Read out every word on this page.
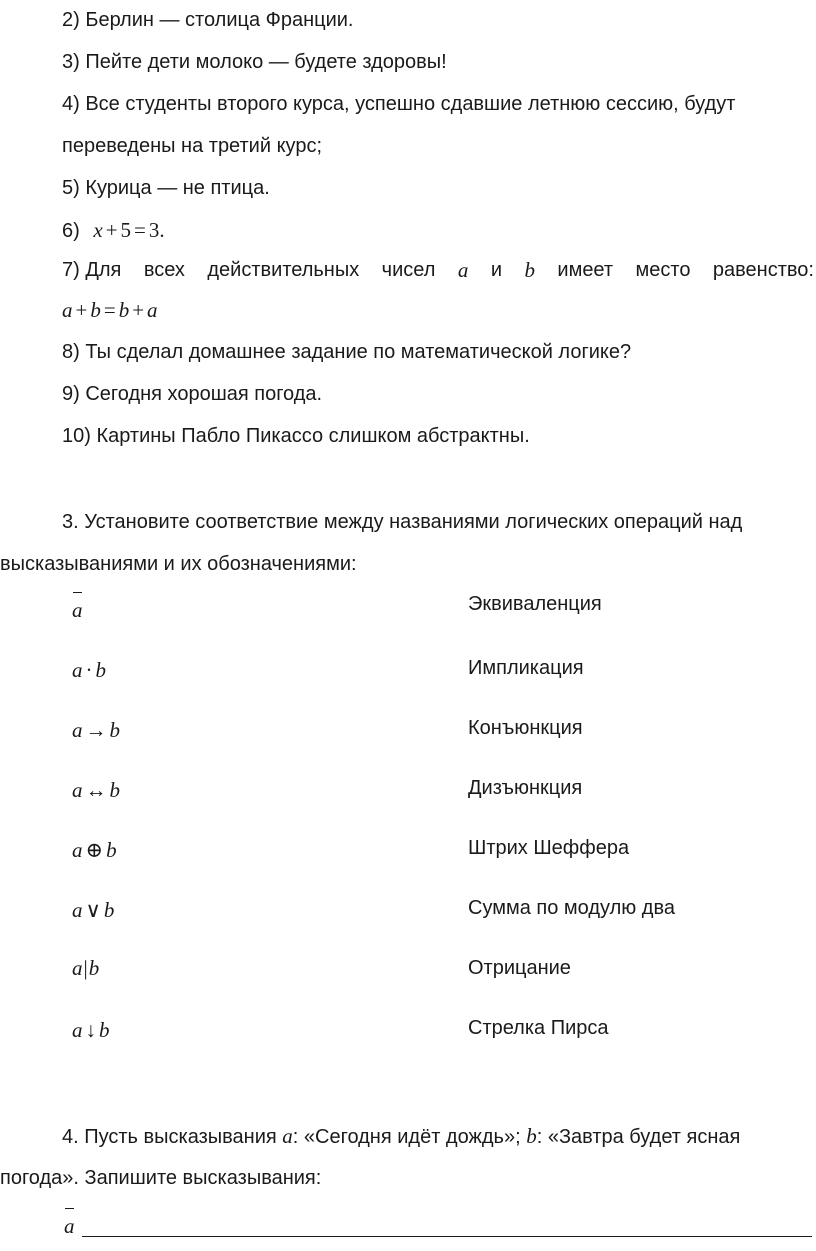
2) Берлин — столица Франции.
3) Пейте дети молоко — будете здоровы!
4) Все студенты второго курса, успешно сдавшие летнюю сессию, будут
переведены на третий курс;
5) Курица — не птица.
6) x + 5 = 3.
7) Для всех действительных чисел a и b имеет место равенство:
a + b = b + a
8) Ты сделал домашнее задание по математической логике?
9) Сегодня хорошая погода.
10) Картины Пабло Пикассо слишком абстрактны.
3. Установите соответствие между названиями логических операций над
высказываниями и их обозначениями:
a	Эквиваленция
a · b	Импликация
a → b	Конъюнкция
a ↔ b	Дизъюнкция
a ⊕ b	Штрих Шеффера
a ∨ b	Сумма по модулю два
a|b	Отрицание
a ↓ b	Стрелка Пирса
4. Пусть высказывания a: «Сегодня идёт дождь»; b: «Завтра будет ясная
погода». Запишите высказывания:
a
